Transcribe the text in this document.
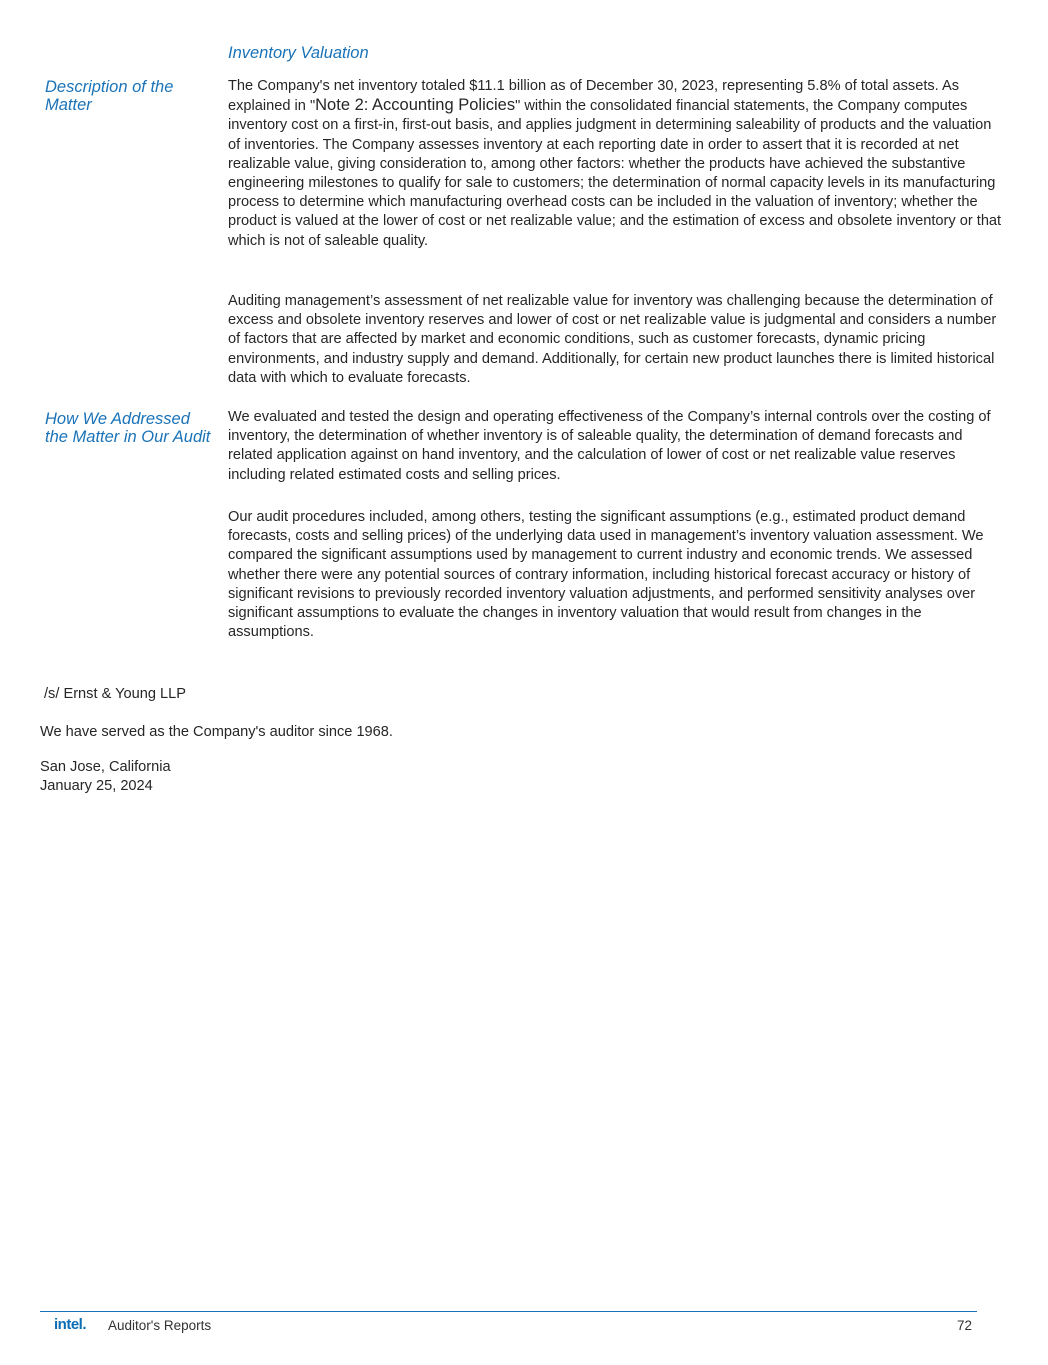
Inventory Valuation
Description of the Matter
The Company's net inventory totaled $11.1 billion as of December 30, 2023, representing 5.8% of total assets. As explained in "Note 2: Accounting Policies" within the consolidated financial statements, the Company computes inventory cost on a first-in, first-out basis, and applies judgment in determining saleability of products and the valuation of inventories. The Company assesses inventory at each reporting date in order to assert that it is recorded at net realizable value, giving consideration to, among other factors: whether the products have achieved the substantive engineering milestones to qualify for sale to customers; the determination of normal capacity levels in its manufacturing process to determine which manufacturing overhead costs can be included in the valuation of inventory; whether the product is valued at the lower of cost or net realizable value; and the estimation of excess and obsolete inventory or that which is not of saleable quality.
Auditing management’s assessment of net realizable value for inventory was challenging because the determination of excess and obsolete inventory reserves and lower of cost or net realizable value is judgmental and considers a number of factors that are affected by market and economic conditions, such as customer forecasts, dynamic pricing environments, and industry supply and demand. Additionally, for certain new product launches there is limited historical data with which to evaluate forecasts.
How We Addressed the Matter in Our Audit
We evaluated and tested the design and operating effectiveness of the Company’s internal controls over the costing of inventory, the determination of whether inventory is of saleable quality, the determination of demand forecasts and related application against on hand inventory, and the calculation of lower of cost or net realizable value reserves including related estimated costs and selling prices.
Our audit procedures included, among others, testing the significant assumptions (e.g., estimated product demand forecasts, costs and selling prices) of the underlying data used in management’s inventory valuation assessment. We compared the significant assumptions used by management to current industry and economic trends. We assessed whether there were any potential sources of contrary information, including historical forecast accuracy or history of significant revisions to previously recorded inventory valuation adjustments, and performed sensitivity analyses over significant assumptions to evaluate the changes in inventory valuation that would result from changes in the assumptions.
/s/ Ernst & Young LLP
We have served as the Company's auditor since 1968.
San Jose, California
January 25, 2024
intel. Auditor's Reports	72
